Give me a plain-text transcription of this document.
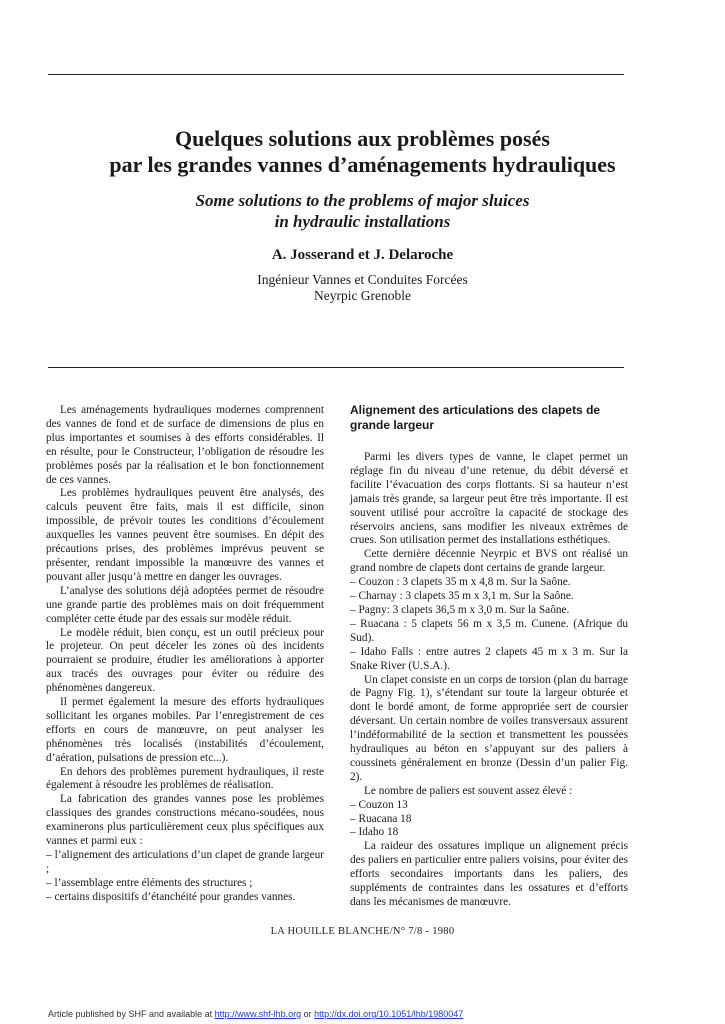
Quelques solutions aux problèmes posés
par les grandes vannes d’aménagements hydrauliques
Some solutions to the problems of major sluices
in hydraulic installations
A. Josserand et J. Delaroche
Ingénieur Vannes et Conduites Forcées
Neyrpic Grenoble

Les aménagements hydrauliques modernes comprennent des vannes de fond et de surface de dimensions de plus en plus importantes et soumises à des efforts considérables. Il en résulte, pour le Constructeur, l’obligation de résoudre les problèmes posés par la réalisation et le bon fonctionnement de ces vannes.

Les problèmes hydrauliques peuvent être analysés, des calculs peuvent être faits, mais il est difficile, sinon impossible, de prévoir toutes les conditions d’écoulement auxquelles les vannes peuvent être soumises. En dépit des précautions prises, des problèmes imprévus peuvent se présenter, rendant impossible la manœuvre des vannes et pouvant aller jusqu’à mettre en danger les ouvrages.

L’analyse des solutions déjà adoptées permet de résoudre une grande partie des problèmes mais on doit fréquemment compléter cette étude par des essais sur modèle réduit.

Le modèle réduit, bien conçu, est un outil précieux pour le projeteur. On peut déceler les zones où des incidents pourraient se produire, étudier les améliorations à apporter aux tracés des ouvrages pour éviter ou réduire des phénomènes dangereux.

Il permet également la mesure des efforts hydrauliques sollicitant les organes mobiles. Par l’enregistrement de ces efforts en cours de manœuvre, on peut analyser les phénomènes très localisés (instabilités d’écoulement, d’aération, pulsations de pression etc...).

En dehors des problèmes purement hydrauliques, il reste également à résoudre les problèmes de réalisation.

La fabrication des grandes vannes pose les problèmes classiques des grandes constructions mécano-soudées, nous examinerons plus particulièrement ceux plus spécifiques aux vannes et parmi eux :

– l’alignement des articulations d’un clapet de grande largeur ;

– l’assemblage entre éléments des structures ;

– certains dispositifs d’étanchéité pour grandes vannes.

Alignement des articulations des clapets de grande largeur

Parmi les divers types de vanne, le clapet permet un réglage fin du niveau d’une retenue, du débit déversé et facilite l’évacuation des corps flottants. Si sa hauteur n’est jamais très grande, sa largeur peut être très importante. Il est souvent utilisé pour accroître la capacité de stockage des réservoirs anciens, sans modifier les niveaux extrêmes de crues. Son utilisation permet des installations esthétiques.

Cette dernière décennie Neyrpic et BVS ont réalisé un grand nombre de clapets dont certains de grande largeur.

– Couzon : 3 clapets 35 m x 4,8 m. Sur la Saône.

– Charnay : 3 clapets 35 m x 3,1 m. Sur la Saône.

– Pagny: 3 clapets 36,5 m x 3,0 m. Sur la Saône.

– Ruacana : 5 clapets 56 m x 3,5 m. Cunene. (Afrique du Sud).

– Idaho Falls : entre autres 2 clapets 45 m x 3 m. Sur la Snake River (U.S.A.).

Un clapet consiste en un corps de torsion (plan du barrage de Pagny Fig. 1), s’étendant sur toute la largeur obturée et dont le bordé amont, de forme appropriée sert de coursier déversant. Un certain nombre de voiles transversaux assurent l’indéformabilité de la section et transmettent les poussées hydrauliques au béton en s’appuyant sur des paliers à coussinets généralement en bronze (Dessin d’un palier Fig. 2).

Le nombre de paliers est souvent assez élevé :

– Couzon 13

– Ruacana 18

– Idaho 18

La raideur des ossatures implique un alignement précis des paliers en particulier entre paliers voisins, pour éviter des efforts secondaires importants dans les paliers, des suppléments de contraintes dans les ossatures et d’efforts dans les mécanismes de manœuvre.

LA HOUILLE BLANCHE/N° 7/8 - 1980
Article published by SHF and available at http://www.shf-lhb.org or http://dx.doi.org/10.1051/lhb/1980047
